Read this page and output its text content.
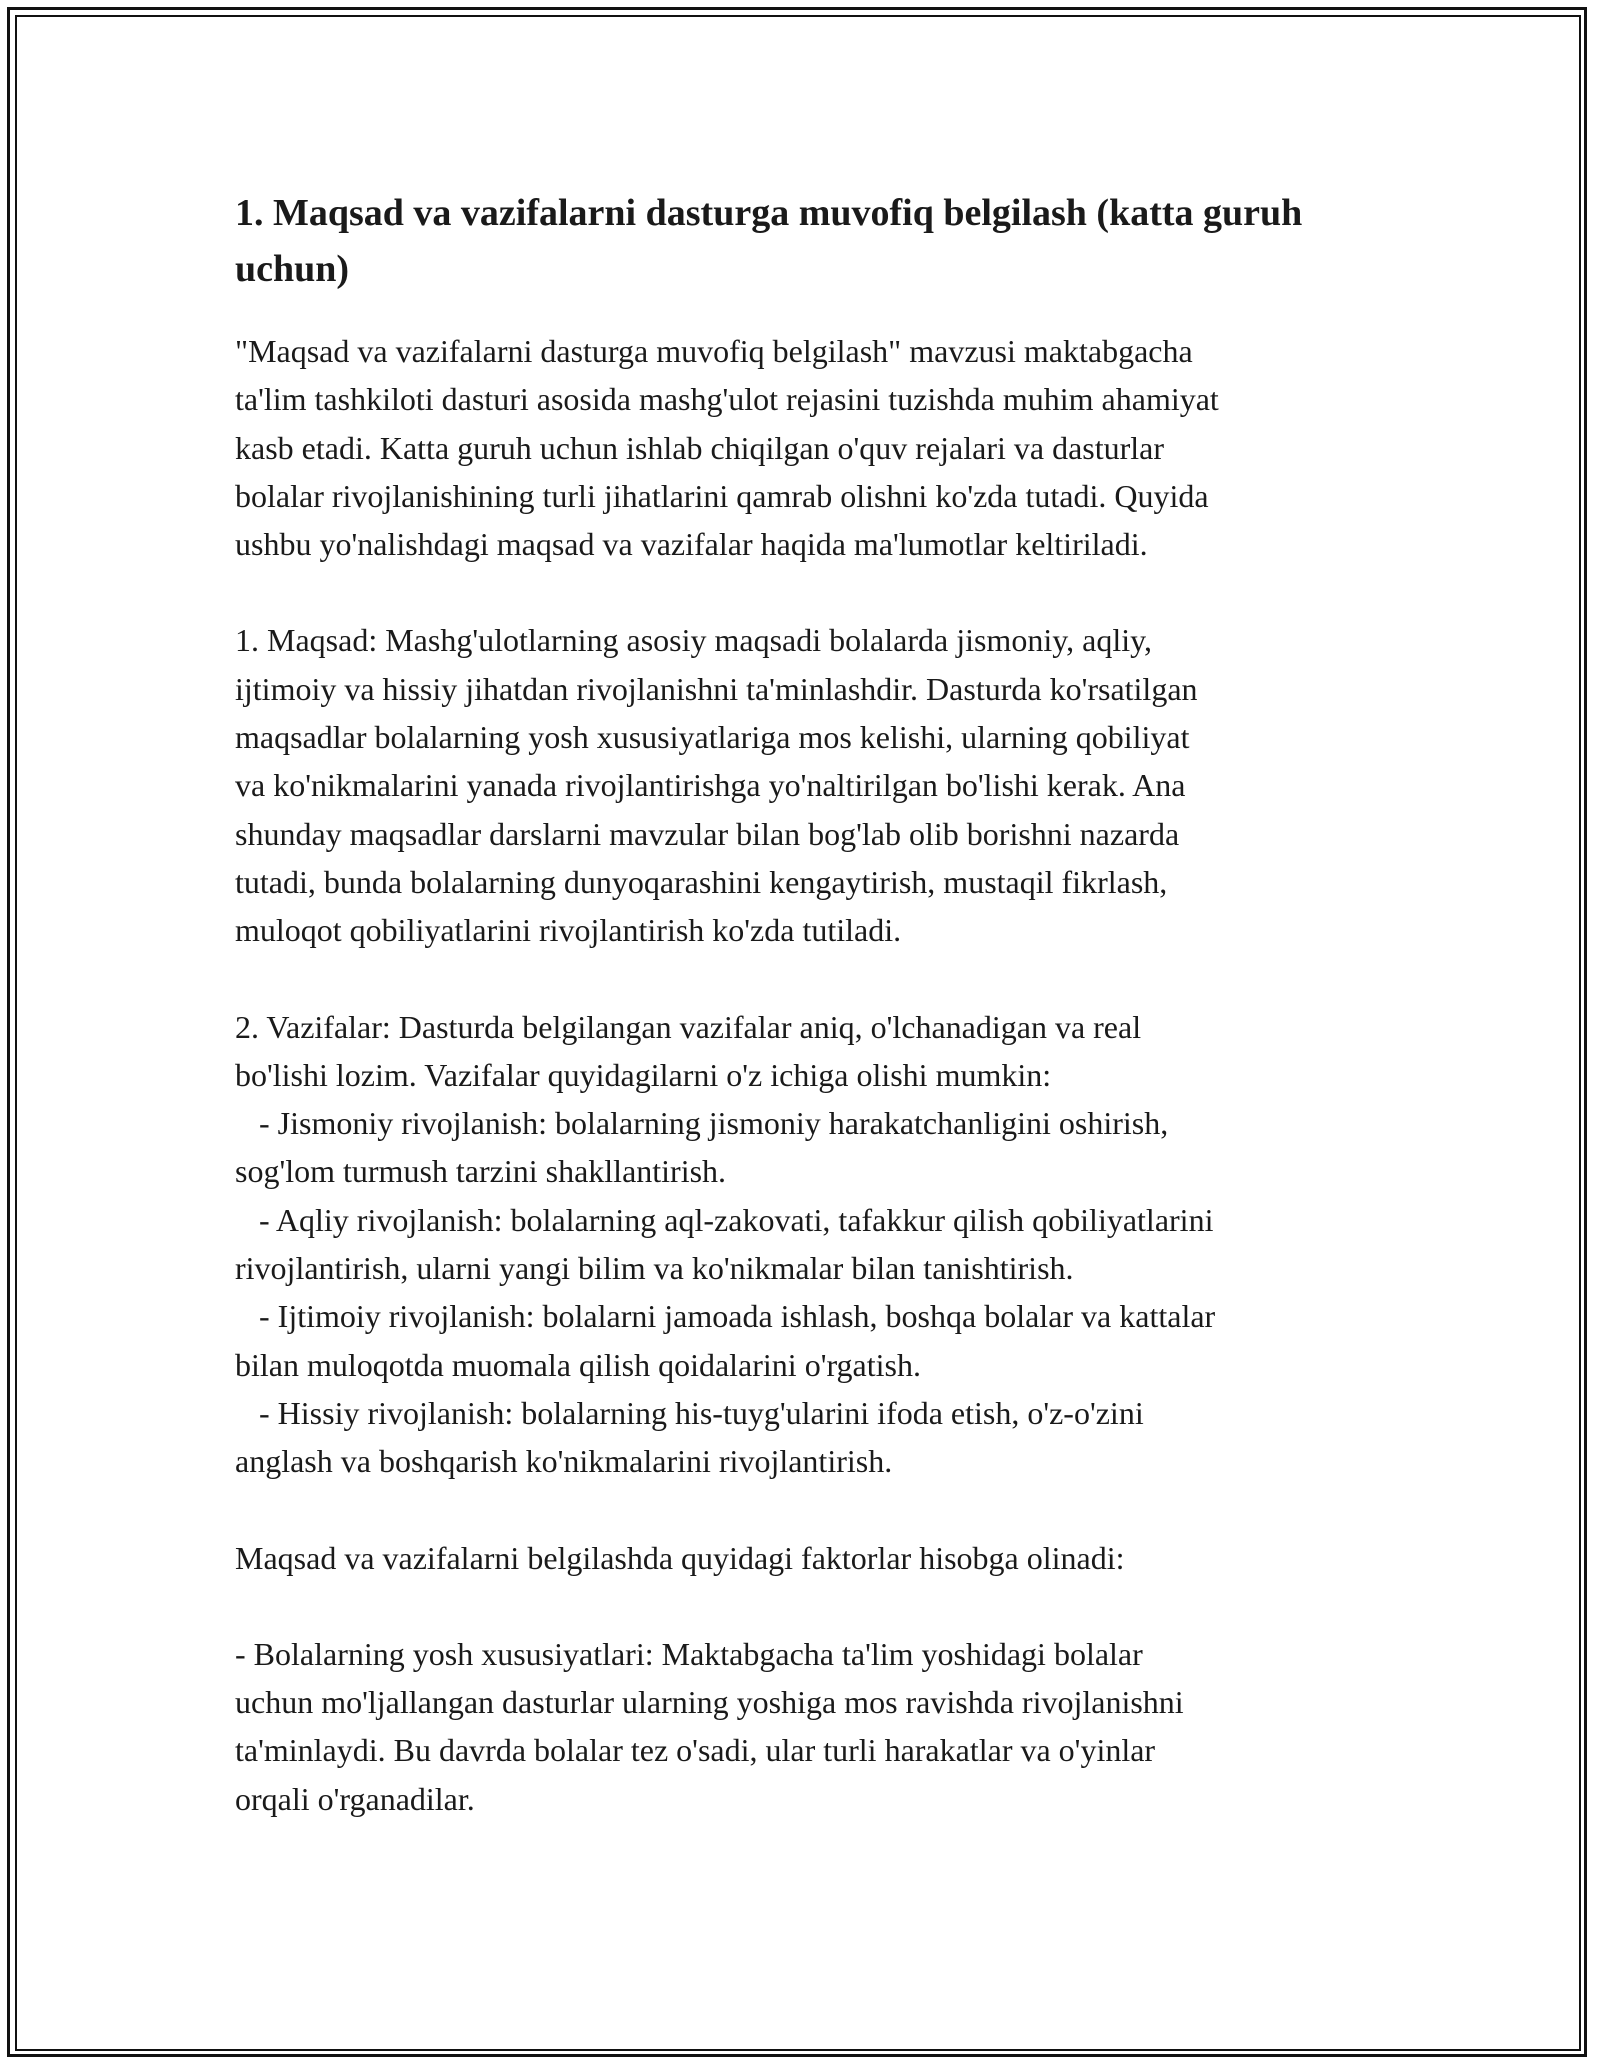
1. Maqsad va vazifalarni dasturga muvofiq belgilash (katta guruh uchun)
"Maqsad va vazifalarni dasturga muvofiq belgilash" mavzusi maktabgacha
ta'lim tashkiloti dasturi asosida mashg'ulot rejasini tuzishda muhim ahamiyat
kasb etadi. Katta guruh uchun ishlab chiqilgan o'quv rejalari va dasturlar
bolalar rivojlanishining turli jihatlarini qamrab olishni ko'zda tutadi. Quyida
ushbu yo'nalishdagi maqsad va vazifalar haqida ma'lumotlar keltiriladi.
1. Maqsad: Mashg'ulotlarning asosiy maqsadi bolalarda jismoniy, aqliy,
ijtimoiy va hissiy jihatdan rivojlanishni ta'minlashdir. Dasturda ko'rsatilgan
maqsadlar bolalarning yosh xususiyatlariga mos kelishi, ularning qobiliyat
va ko'nikmalarini yanada rivojlantirishga yo'naltirilgan bo'lishi kerak. Ana
shunday maqsadlar darslarni mavzular bilan bog'lab olib borishni nazarda
tutadi, bunda bolalarning dunyoqarashini kengaytirish, mustaqil fikrlash,
muloqot qobiliyatlarini rivojlantirish ko'zda tutiladi.
2. Vazifalar: Dasturda belgilangan vazifalar aniq, o'lchanadigan va real
bo'lishi lozim. Vazifalar quyidagilarni o'z ichiga olishi mumkin:
- Jismoniy rivojlanish: bolalarning jismoniy harakatchanligini oshirish,
sog'lom turmush tarzini shakllantirish.
- Aqliy rivojlanish: bolalarning aql-zakovati, tafakkur qilish qobiliyatlarini
rivojlantirish, ularni yangi bilim va ko'nikmalar bilan tanishtirish.
- Ijtimoiy rivojlanish: bolalarni jamoada ishlash, boshqa bolalar va kattalar
bilan muloqotda muomala qilish qoidalarini o'rgatish.
- Hissiy rivojlanish: bolalarning his-tuyg'ularini ifoda etish, o'z-o'zini
anglash va boshqarish ko'nikmalarini rivojlantirish.
Maqsad va vazifalarni belgilashda quyidagi faktorlar hisobga olinadi:
- Bolalarning yosh xususiyatlari: Maktabgacha ta'lim yoshidagi bolalar
uchun mo'ljallangan dasturlar ularning yoshiga mos ravishda rivojlanishni
ta'minlaydi. Bu davrda bolalar tez o'sadi, ular turli harakatlar va o'yinlar
orqali o'rganadilar.
